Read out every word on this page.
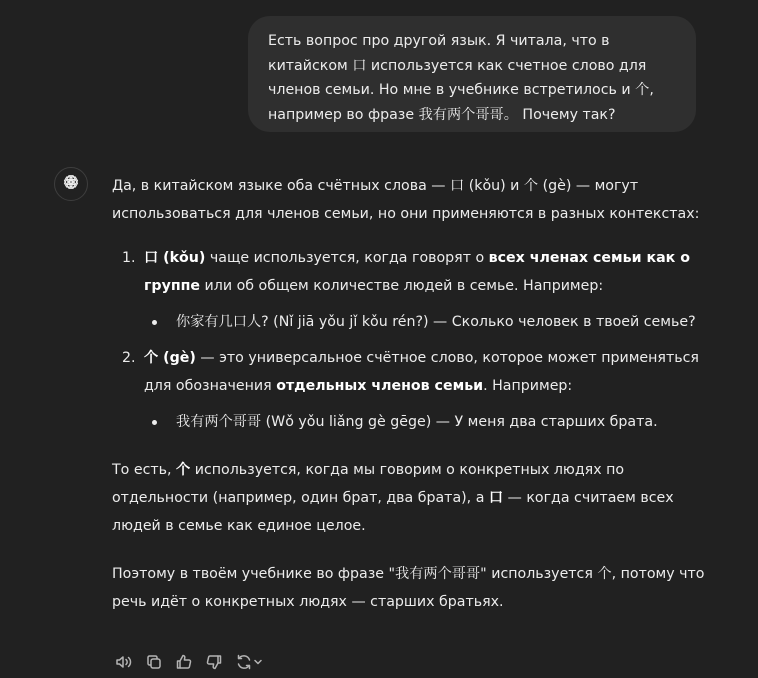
Есть вопрос про другой язык. Я читала, что в китайском 口 используется как счетное слово для членов семьи. Но мне в учебнике встретилось и 个, например во фразе 我有两个哥哥。 Почему так?

Да, в китайском языке оба счётных слова — 口 (kǒu) и 个 (gè) — могут использоваться для членов семьи, но они применяются в разных контекстах:

1. 口 (kǒu) чаще используется, когда говорят о всех членах семьи как о группе или об общем количестве людей в семье. Например:
你家有几口人? (Nǐ jiā yǒu jǐ kǒu rén?) — Сколько человек в твоей семье?
2. 个 (gè) — это универсальное счётное слово, которое может применяться для обозначения отдельных членов семьи. Например:
我有两个哥哥 (Wǒ yǒu liǎng gè gēge) — У меня два старших брата.

То есть, 个 используется, когда мы говорим о конкретных людях по отдельности (например, один брат, два брата), а 口 — когда считаем всех людей в семье как единое целое.

Поэтому в твоём учебнике во фразе "我有两个哥哥" используется 个, потому что речь идёт о конкретных людях — старших братьях.
